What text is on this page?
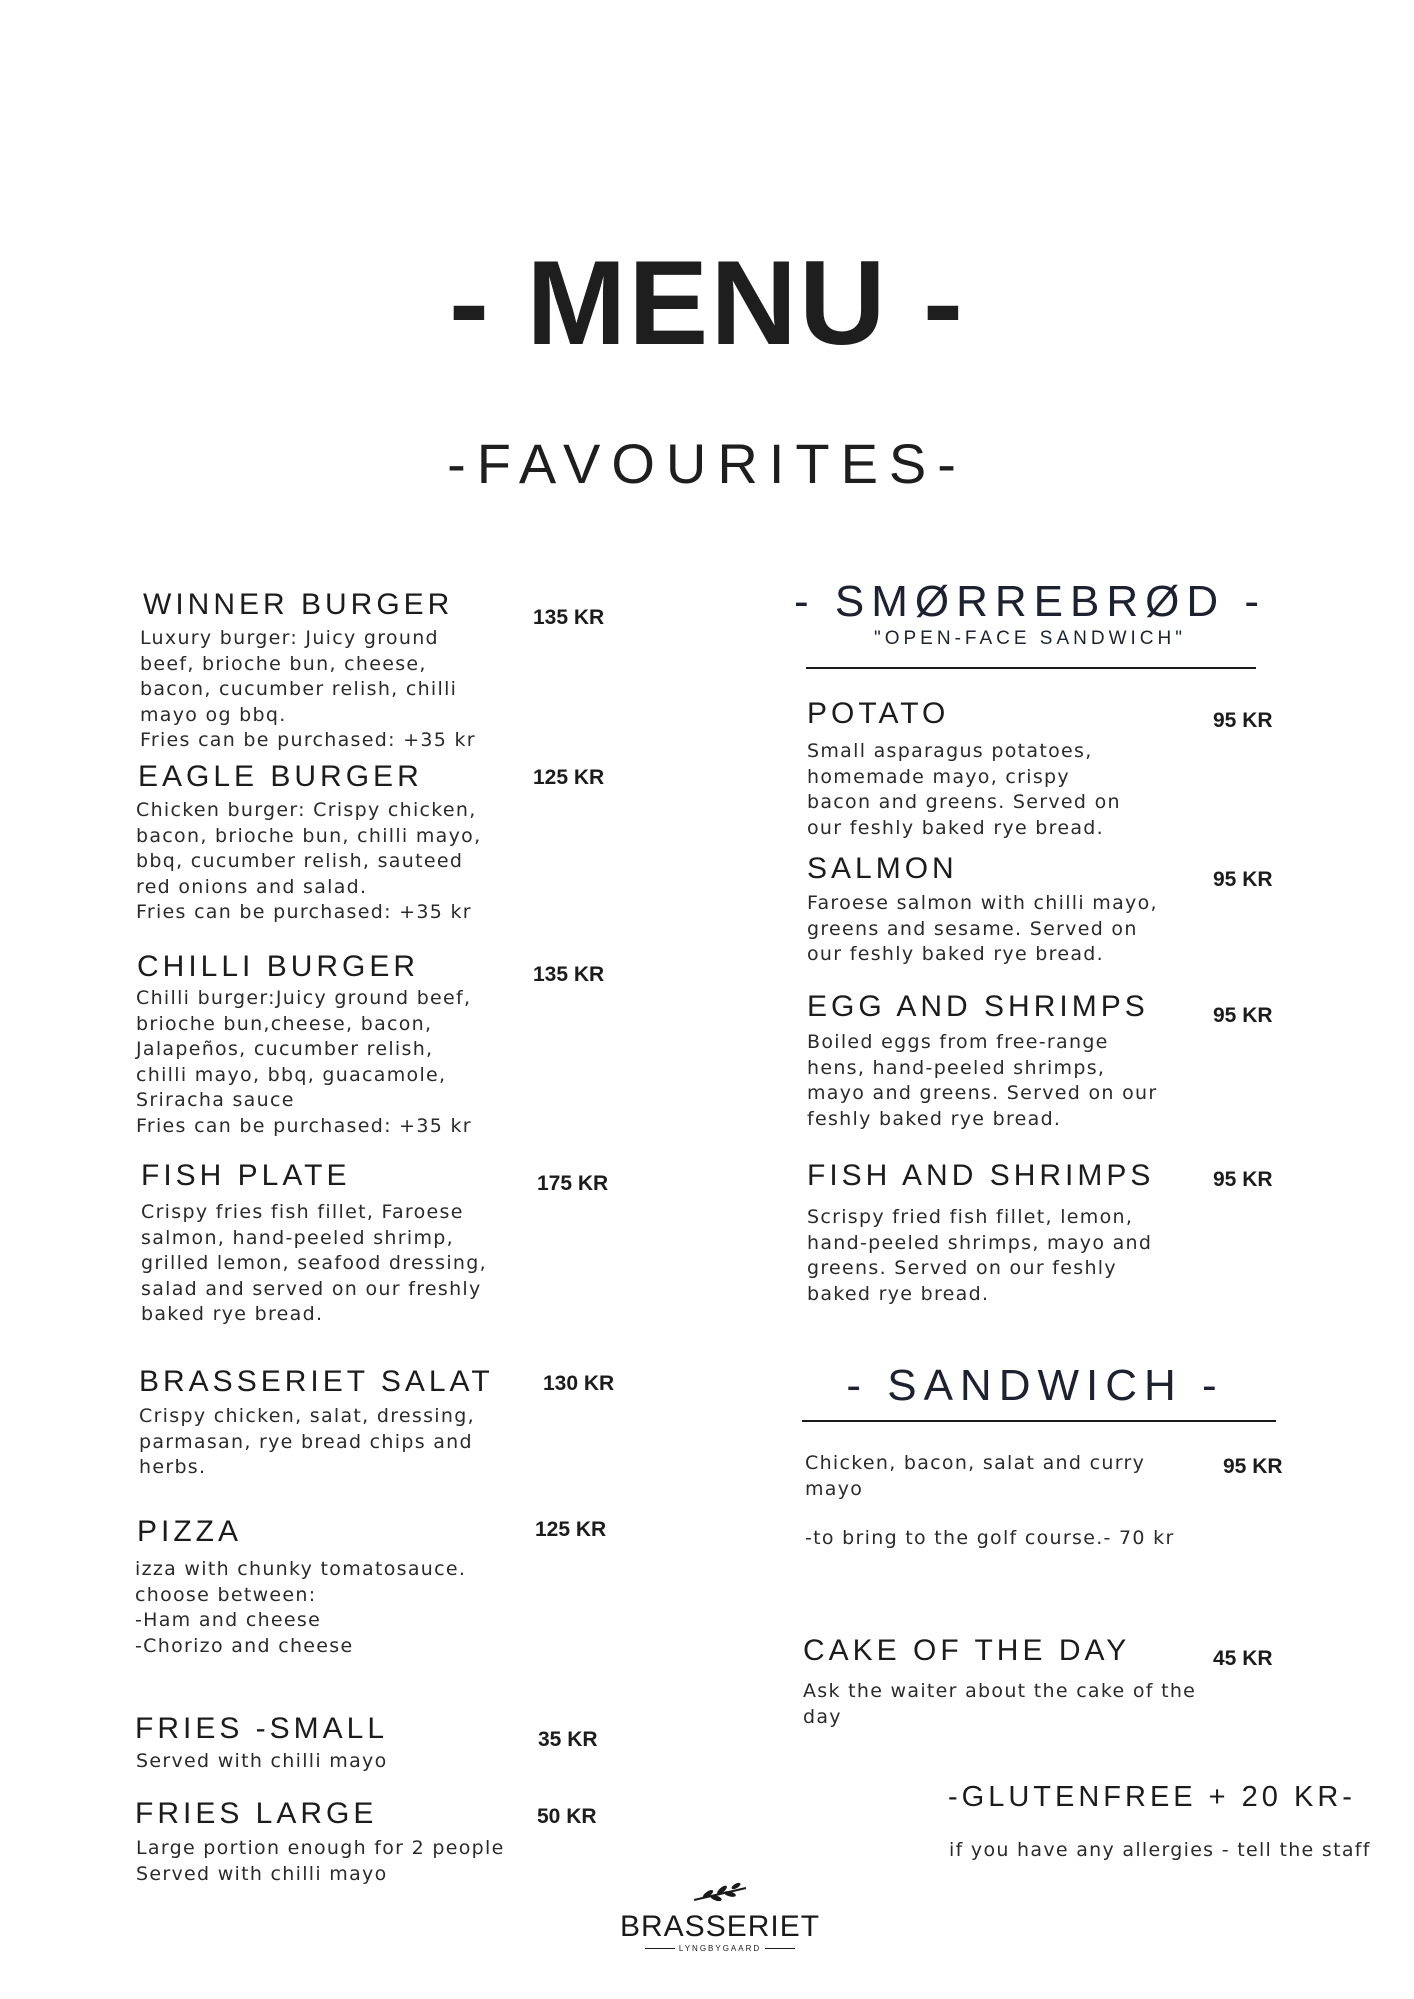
- MENU -
-FAVOURITES-
WINNER BURGER	135 KR
Luxury burger: Juicy ground
beef, brioche bun, cheese,
bacon, cucumber relish, chilli
mayo og bbq.
Fries can be purchased: +35 kr
EAGLE BURGER	125 KR
Chicken burger: Crispy chicken,
bacon, brioche bun, chilli mayo,
bbq, cucumber relish, sauteed
red onions and salad.
Fries can be purchased: +35 kr
CHILLI BURGER	135 KR
Chilli burger:Juicy ground beef,
brioche bun,cheese, bacon,
Jalapeños, cucumber relish,
chilli mayo, bbq, guacamole,
Sriracha sauce
Fries can be purchased: +35 kr
FISH PLATE	175 KR
Crispy fries fish fillet, Faroese
salmon, hand-peeled shrimp,
grilled lemon, seafood dressing,
salad and served on our freshly
baked rye bread.
BRASSERIET SALAT 130 KR
Crispy chicken, salat, dressing,
parmasan, rye bread chips and
herbs.
PIZZA	125 KR
izza with chunky tomatosauce.
choose between:
-Ham and cheese
-Chorizo and cheese
FRIES -SMALL	35 KR
Served with chilli mayo
FRIES LARGE	50 KR
Large portion enough for 2 people
Served with chilli mayo
- SMØRREBRØD -
"OPEN-FACE SANDWICH"
POTATO	95 KR
Small asparagus potatoes,
homemade mayo, crispy
bacon and greens. Served on
our feshly baked rye bread.
SALMON	95 KR
Faroese salmon with chilli mayo,
greens and sesame. Served on
our feshly baked rye bread.
EGG AND SHRIMPS	95 KR
Boiled eggs from free-range
hens, hand-peeled shrimps,
mayo and greens. Served on our
feshly baked rye bread.
FISH AND SHRIMPS	95 KR
Scrispy fried fish fillet, lemon,
hand-peeled shrimps, mayo and
greens. Served on our feshly
baked rye bread.
- SANDWICH -
Chicken, bacon, salat and curry
mayo
95 KR
-to bring to the golf course.- 70 kr
CAKE OF THE DAY	45 KR
Ask the waiter about the cake of the
day
-GLUTENFREE + 20 KR-
if you have any allergies - tell the staff
BRASSERIET
LYNGBYGAARD
